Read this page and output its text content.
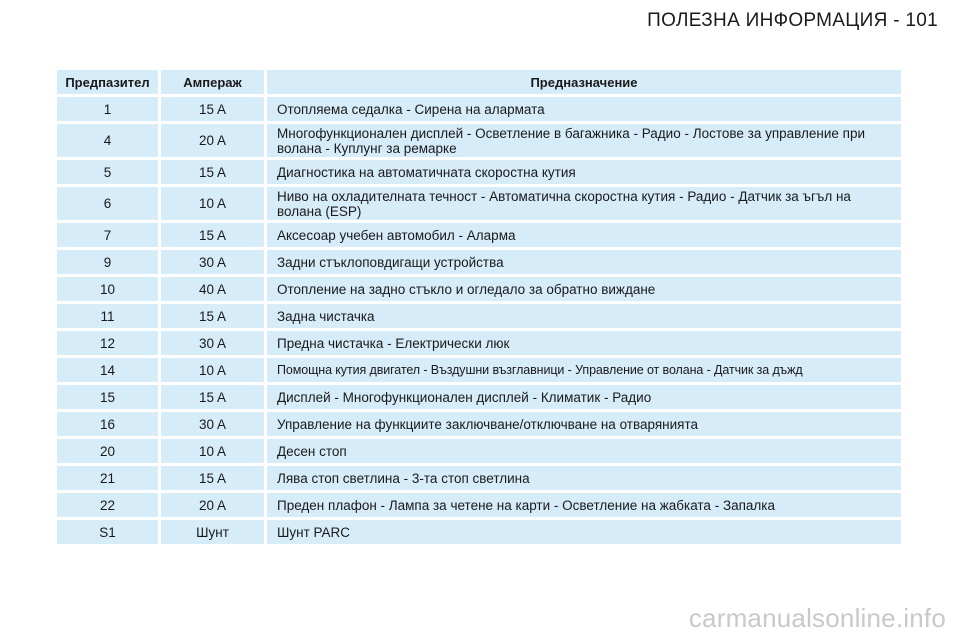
ПОЛЕЗНА ИНФОРМАЦИЯ - 101
Предпазител	Ампераж	Предназначение
1	15 A	Отопляема седалка - Сирена на алармата
4	20 A	Многофункционален дисплей - Осветление в багажника - Радио - Лостове за управление при волана - Куплунг за ремарке
5	15 A	Диагностика на автоматичната скоростна кутия
6	10 A	Ниво на охладителната течност - Автоматична скоростна кутия - Радио - Датчик за ъгъл на волана (ESP)
7	15 A	Аксесоар учебен автомобил - Аларма
9	30 A	Задни стъклоповдигащи устройства
10	40 A	Отопление на задно стъкло и огледало за обратно виждане
11	15 A	Задна чистачка
12	30 A	Предна чистачка - Електрически люк
14	10 A	Помощна кутия двигател - Въздушни възглавници - Управление от волана - Датчик за дъжд
15	15 A	Дисплей - Многофункционален дисплей - Климатик - Радио
16	30 A	Управление на функциите заключване/отключване на отварянията
20	10 A	Десен стоп
21	15 A	Лява стоп светлина - 3-та стоп светлина
22	20 A	Преден плафон - Лампа за четене на карти - Осветление на жабката - Запалка
S1	Шунт	Шунт PARC
carmanualsonline.info
